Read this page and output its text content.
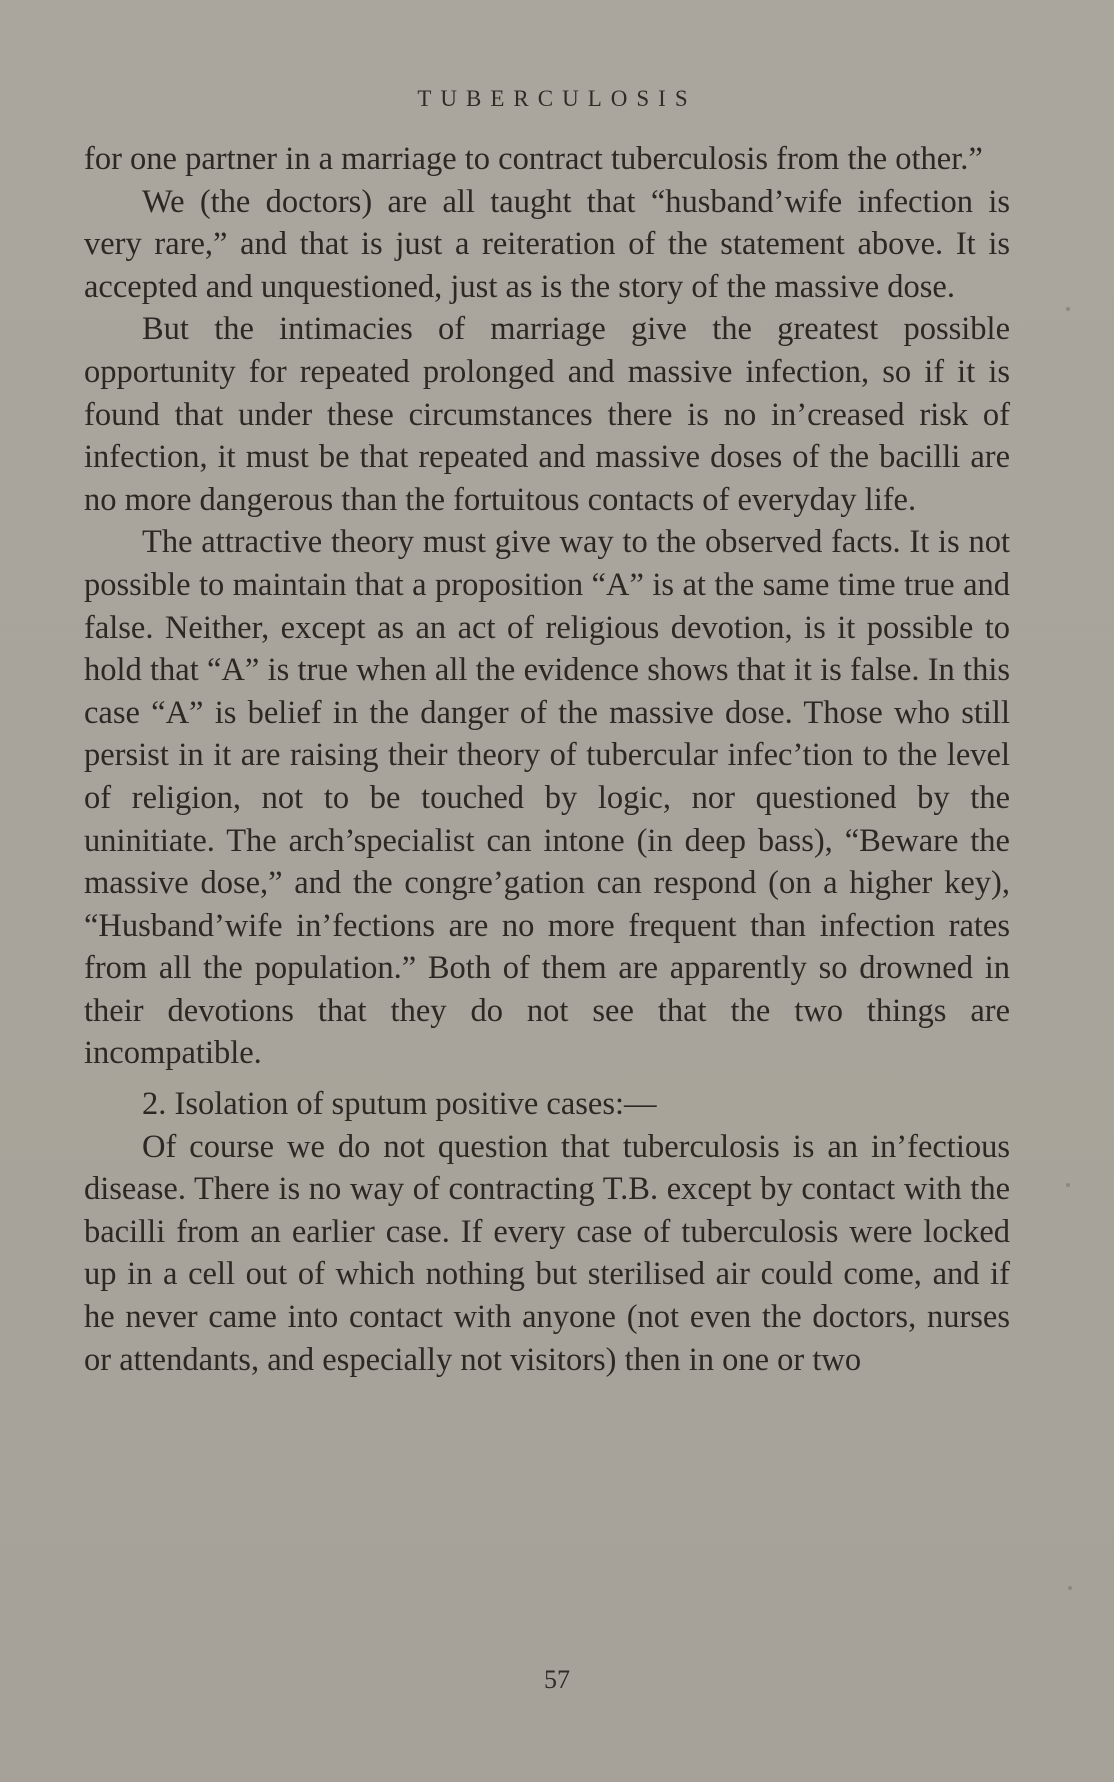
TUBERCULOSIS

for one partner in a marriage to contract tuberculosis from the other.”

We (the doctors) are all taught that “husband’wife infection is very rare,” and that is just a reiteration of the statement above. It is accepted and unquestioned, just as is the story of the massive dose.

But the intimacies of marriage give the greatest possible opportunity for repeated prolonged and massive infection, so if it is found that under these circumstances there is no in’creased risk of infection, it must be that repeated and massive doses of the bacilli are no more dangerous than the fortuitous contacts of everyday life.

The attractive theory must give way to the observed facts. It is not possible to maintain that a proposition “A” is at the same time true and false. Neither, except as an act of religious devotion, is it possible to hold that “A” is true when all the evidence shows that it is false. In this case “A” is belief in the danger of the massive dose. Those who still persist in it are raising their theory of tubercular infec’tion to the level of religion, not to be touched by logic, nor questioned by the uninitiate. The arch’specialist can intone (in deep bass), “Beware the massive dose,” and the congre’gation can respond (on a higher key), “Husband’wife in’fections are no more frequent than infection rates from all the population.” Both of them are apparently so drowned in their devotions that they do not see that the two things are incompatible.

2. Isolation of sputum positive cases:—

Of course we do not question that tuberculosis is an in’fectious disease. There is no way of contracting T.B. except by contact with the bacilli from an earlier case. If every case of tuberculosis were locked up in a cell out of which nothing but sterilised air could come, and if he never came into contact with anyone (not even the doctors, nurses or attendants, and especially not visitors) then in one or two

57
